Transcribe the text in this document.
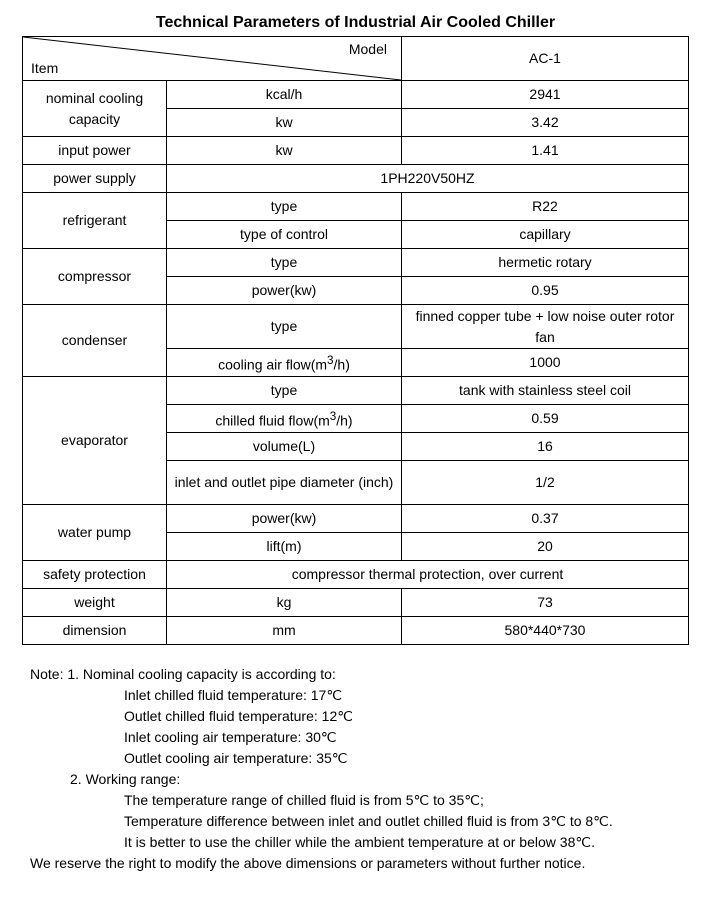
Technical Parameters of Industrial Air Cooled Chiller
Model
Item		AC-1
nominal cooling capacity	kcal/h	2941
	kw	3.42
input power	kw	1.41
power supply	1PH220V50HZ	
refrigerant	type	R22
	type of control	capillary
compressor	type	hermetic rotary
	power(kw)	0.95
condenser	type	finned copper tube + low noise outer rotor fan
	cooling air $flow(m^3/h)$	1000
evaporator	type	tank with stainless steel coil
	chilled fluid $flow(m^3/h)$	0.59
	volume(L)	16
	inlet and outlet pipe diameter (inch)	1/2
water pump	power(kw)	0.37
	lift(m)	20
safety protection	compressor thermal protection, over current	
weight	kg	73
dimension	mm	580*440*730
Note: 1. Nominal cooling capacity is according to:
Inlet chilled fluid temperature: 17℃
Outlet chilled fluid temperature: 12℃
Inlet cooling air temperature: 30℃
Outlet cooling air temperature: 35℃
2. Working range:
The temperature range of chilled fluid is from 5℃ to 35℃;
Temperature difference between inlet and outlet chilled fluid is from 3℃ to 8℃.
It is better to use the chiller while the ambient temperature at or below 38℃.
We reserve the right to modify the above dimensions or parameters without further notice.
